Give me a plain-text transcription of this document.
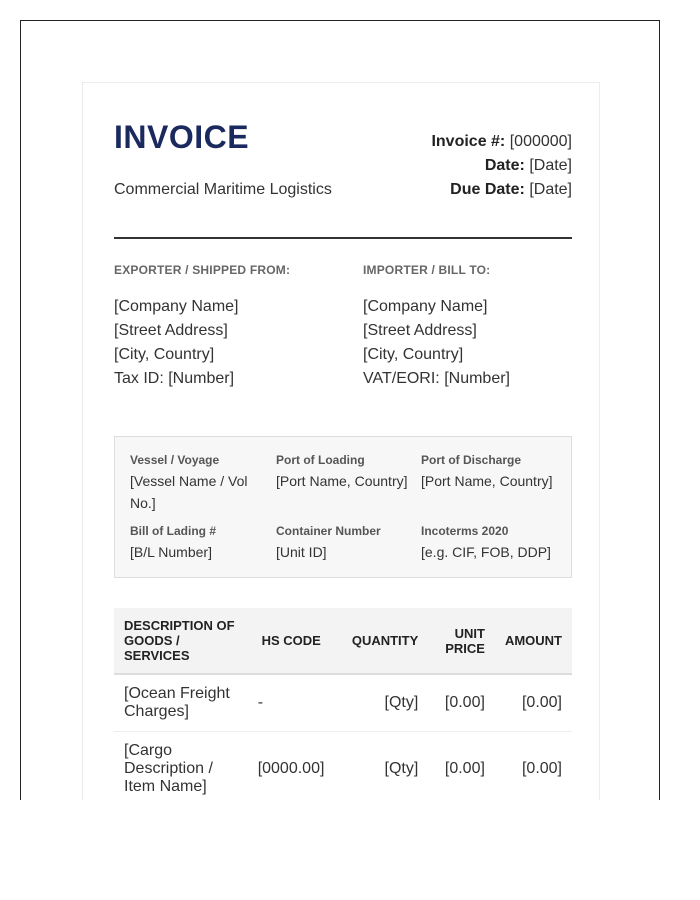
INVOICE
Commercial Maritime Logistics
Invoice #: [000000]
Date: [Date]
Due Date: [Date]
EXPORTER / SHIPPED FROM:
[Company Name]
[Street Address]
[City, Country]
Tax ID: [Number]
IMPORTER / BILL TO:
[Company Name]
[Street Address]
[City, Country]
VAT/EORI: [Number]
Vessel / Voyage
[Vessel Name / Vol No.]
Port of Loading
[Port Name, Country]
Port of Discharge
[Port Name, Country]
Bill of Lading #
[B/L Number]
Container Number
[Unit ID]
Incoterms 2020
[e.g. CIF, FOB, DDP]
DESCRIPTION OF GOODS / SERVICES	HS CODE	QUANTITY	UNIT PRICE	AMOUNT
[Ocean Freight Charges]	-	[Qty]	[0.00]	[0.00]
[Cargo Description / Item Name]	[0000.00]	[Qty]	[0.00]	[0.00]
